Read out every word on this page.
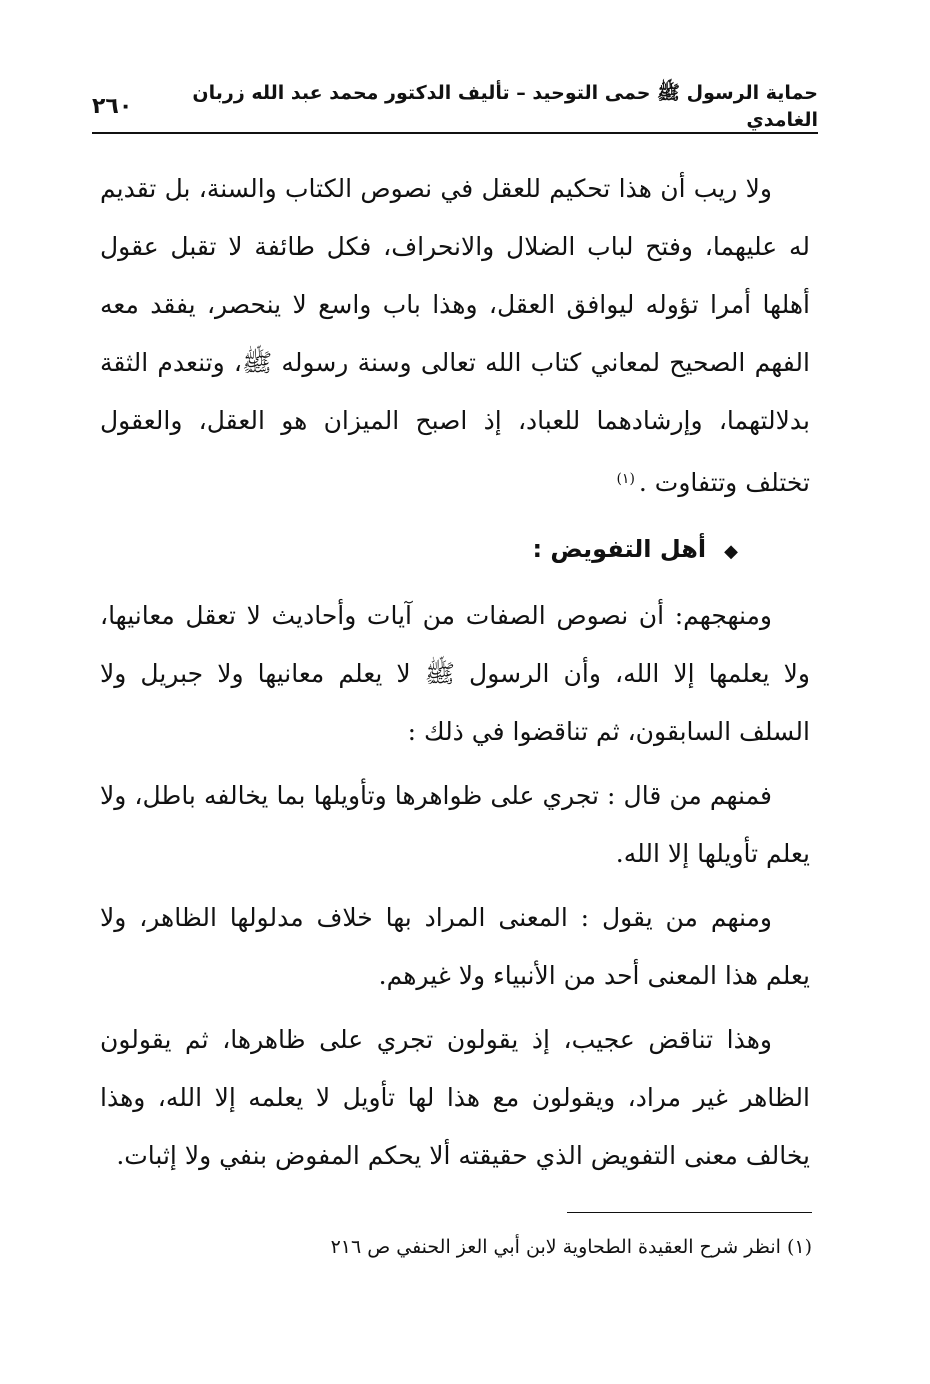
حماية الرسول ﷺ حمى التوحيد – تأليف الدكتور محمد عبد الله زربان الغامدي
٢٦٠

ولا ريب أن هذا تحكيم للعقل في نصوص الكتاب والسنة، بل تقديم له عليهما، وفتح لباب الضلال والانحراف، فكل طائفة لا تقبل عقول أهلها أمرا تؤوله ليوافق العقل، وهذا باب واسع لا ينحصر، يفقد معه الفهم الصحيح لمعاني كتاب الله تعالى وسنة رسوله ﷺ، وتنعدم الثقة بدلالتهما، وإرشادهما للعباد، إذ اصبح الميزان هو العقل، والعقول تختلف وتتفاوت .$^{(١)}$

◆أهل التفويض :

ومنهجهم: أن نصوص الصفات من آيات وأحاديث لا تعقل معانيها، ولا يعلمها إلا الله، وأن الرسول ﷺ لا يعلم معانيها ولا جبريل ولا السلف السابقون، ثم تناقضوا في ذلك :

فمنهم من قال : تجري على ظواهرها وتأويلها بما يخالفه باطل، ولا يعلم تأويلها إلا الله.

ومنهم من يقول : المعنى المراد بها خلاف مدلولها الظاهر، ولا يعلم هذا المعنى أحد من الأنبياء ولا غيرهم.

وهذا تناقض عجيب، إذ يقولون تجري على ظاهرها، ثم يقولون الظاهر غير مراد، ويقولون مع هذا لها تأويل لا يعلمه إلا الله، وهذا يخالف معنى التفويض الذي حقيقته ألا يحكم المفوض بنفي ولا إثبات.

(١) انظر شرح العقيدة الطحاوية لابن أبي العز الحنفي ص ٢١٦
